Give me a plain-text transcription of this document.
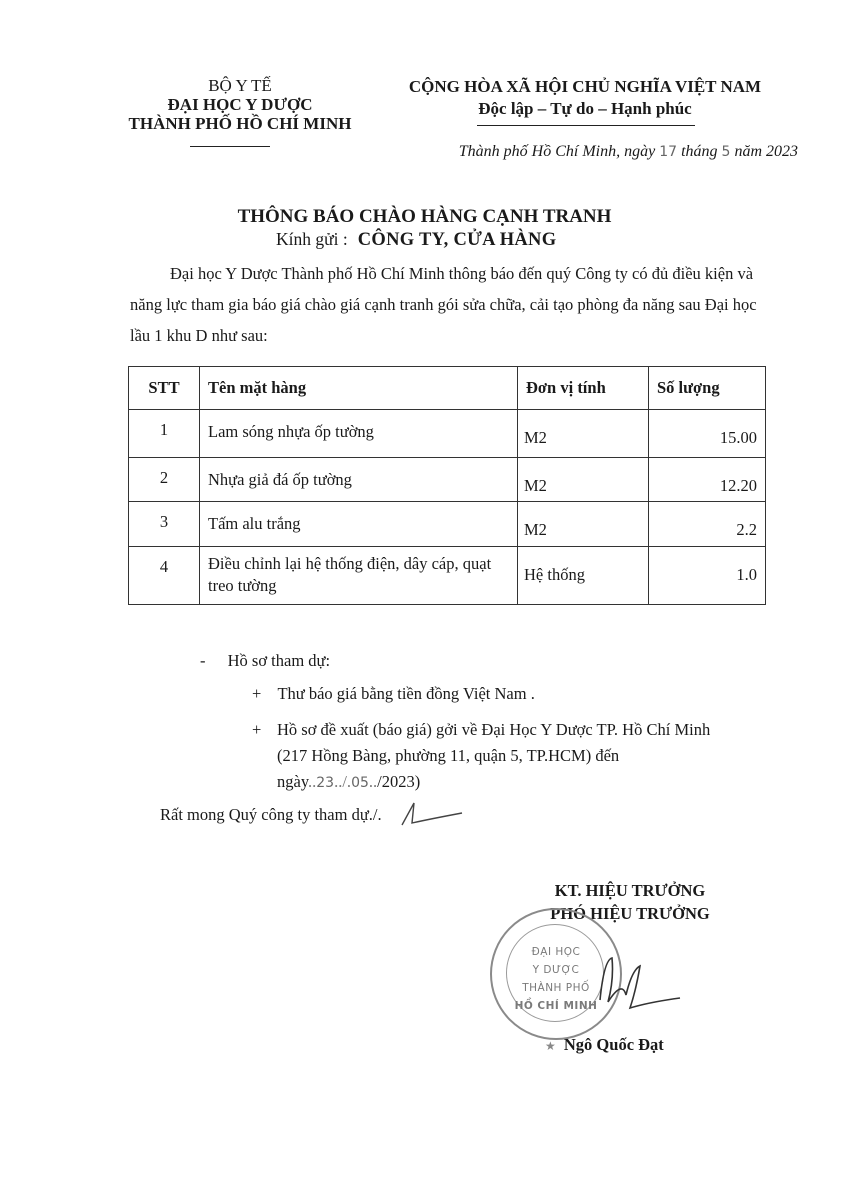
BỘ Y TẾ
ĐẠI HỌC Y DƯỢC
THÀNH PHỐ HỒ CHÍ MINH
CỘNG HÒA XÃ HỘI CHỦ NGHĨA VIỆT NAM
Độc lập – Tự do – Hạnh phúc
Thành phố Hồ Chí Minh, ngày 17 tháng 5 năm 2023
THÔNG BÁO CHÀO HÀNG CẠNH TRANH
Kính gửi : CÔNG TY, CỬA HÀNG
Đại học Y Dược Thành phố Hồ Chí Minh thông báo đến quý Công ty có đủ điều kiện và năng lực tham gia báo giá chào giá cạnh tranh gói sửa chữa, cải tạo phòng đa năng sau Đại học lầu 1 khu D như sau:
STT	Tên mặt hàng	Đơn vị tính	Số lượng
1	Lam sóng nhựa ốp tường	M2	15.00
2	Nhựa giả đá ốp tường	M2	12.20
3	Tấm alu trắng	M2	2.2
4	Điều chỉnh lại hệ thống điện, dây cáp, quạt treo tường	Hệ thống	1.0
- Hồ sơ tham dự:
+ Thư báo giá bằng tiền đồng Việt Nam .
+ Hồ sơ đề xuất (báo giá) gởi về Đại Học Y Dược TP. Hồ Chí Minh
(217 Hồng Bàng, phường 11, quận 5, TP.HCM) đến
ngày..23../.05../2023)
Rất mong Quý công ty tham dự./.
KT. HIỆU TRƯỞNG
PHÓ HIỆU TRƯỞNG
ĐẠI HỌC
Y DƯỢC
THÀNH PHỐ
HỒ CHÍ MINH
★ Ngô Quốc Đạt
